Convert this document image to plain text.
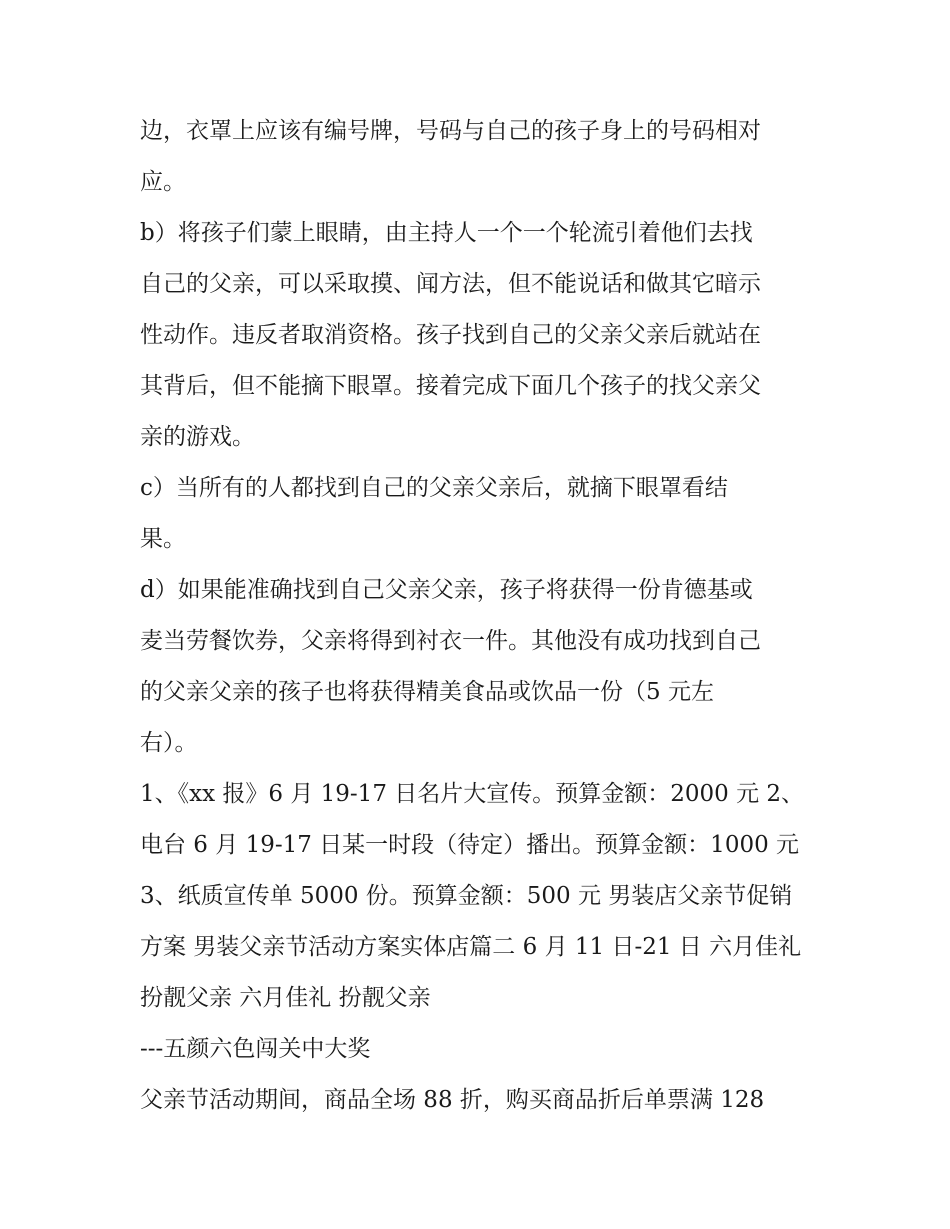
边，衣罩上应该有编号牌，号码与自己的孩子身上的号码相对
应。
b）将孩子们蒙上眼睛，由主持人一个一个轮流引着他们去找
自己的父亲，可以采取摸、闻方法，但不能说话和做其它暗示
性动作。违反者取消资格。孩子找到自己的父亲父亲后就站在
其背后，但不能摘下眼罩。接着完成下面几个孩子的找父亲父
亲的游戏。
c）当所有的人都找到自己的父亲父亲后，就摘下眼罩看结
果。
d）如果能准确找到自己父亲父亲，孩子将获得一份肯德基或
麦当劳餐饮券，父亲将得到衬衣一件。其他没有成功找到自己
的父亲父亲的孩子也将获得精美食品或饮品一份（5 元左
右）。
1、《xx 报》6 月 19-17 日名片大宣传。预算金额：2000 元 2、
电台 6 月 19-17 日某一时段（待定）播出。预算金额：1000 元
3、纸质宣传单 5000 份。预算金额：500 元 男装店父亲节促销
方案 男装父亲节活动方案实体店篇二 6 月 11 日-21 日 六月佳礼
扮靓父亲 六月佳礼 扮靓父亲
---五颜六色闯关中大奖
父亲节活动期间，商品全场 88 折，购买商品折后单票满 128
